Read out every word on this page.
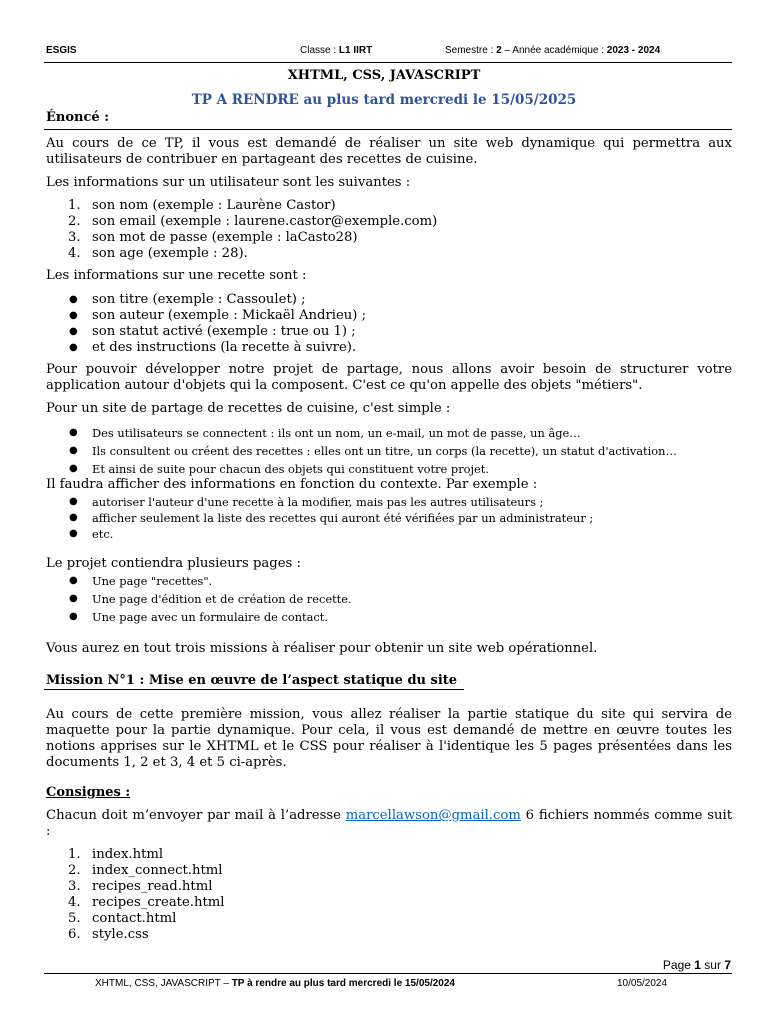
ESGIS	Classe : L1 IIRT	Semestre : 2 – Année académique : 2023 - 2024
XHTML, CSS, JAVASCRIPT
TP A RENDRE au plus tard mercredi le 15/05/2025
Énoncé :

Au cours de ce TP, il vous est demandé de réaliser un site web dynamique qui permettra aux utilisateurs de contribuer en partageant des recettes de cuisine.

Les informations sur un utilisateur sont les suivantes :

1. son nom (exemple : Laurène Castor)
2. son email (exemple : laurene.castor@exemple.com)
3. son mot de passe (exemple : laCasto28)
4. son age (exemple : 28).

Les informations sur une recette sont :

● son titre (exemple : Cassoulet) ;
● son auteur (exemple : Mickaël Andrieu) ;
● son statut activé (exemple : true ou 1) ;
● et des instructions (la recette à suivre).

Pour pouvoir développer notre projet de partage, nous allons avoir besoin de structurer votre application autour d'objets qui la composent. C'est ce qu'on appelle des objets "métiers".

Pour un site de partage de recettes de cuisine, c'est simple :

● Des utilisateurs se connectent : ils ont un nom, un e-mail, un mot de passe, un âge…
● Ils consultent ou créent des recettes : elles ont un titre, un corps (la recette), un statut d'activation…
● Et ainsi de suite pour chacun des objets qui constituent votre projet.

Il faudra afficher des informations en fonction du contexte. Par exemple :

● autoriser l'auteur d'une recette à la modifier, mais pas les autres utilisateurs ;
● afficher seulement la liste des recettes qui auront été vérifiées par un administrateur ;
● etc.

Le projet contiendra plusieurs pages :

● Une page "recettes".
● Une page d'édition et de création de recette.
● Une page avec un formulaire de contact.

Vous aurez en tout trois missions à réaliser pour obtenir un site web opérationnel.

Mission N°1 : Mise en œuvre de l’aspect statique du site

Au cours de cette première mission, vous allez réaliser la partie statique du site qui servira de maquette pour la partie dynamique. Pour cela, il vous est demandé de mettre en œuvre toutes les notions apprises sur le XHTML et le CSS pour réaliser à l'identique les 5 pages présentées dans les documents 1, 2 et 3, 4 et 5 ci-après.

Consignes :

Chacun doit m’envoyer par mail à l’adresse marcellawson@gmail.com 6 fichiers nommés comme suit :

1. index.html
2. index_connect.html
3. recipes_read.html
4. recipes_create.html
5. contact.html
6. style.css
Page 1 sur 7
XHTML, CSS, JAVASCRIPT – TP à rendre au plus tard mercredi le 15/05/2024	10/05/2024
